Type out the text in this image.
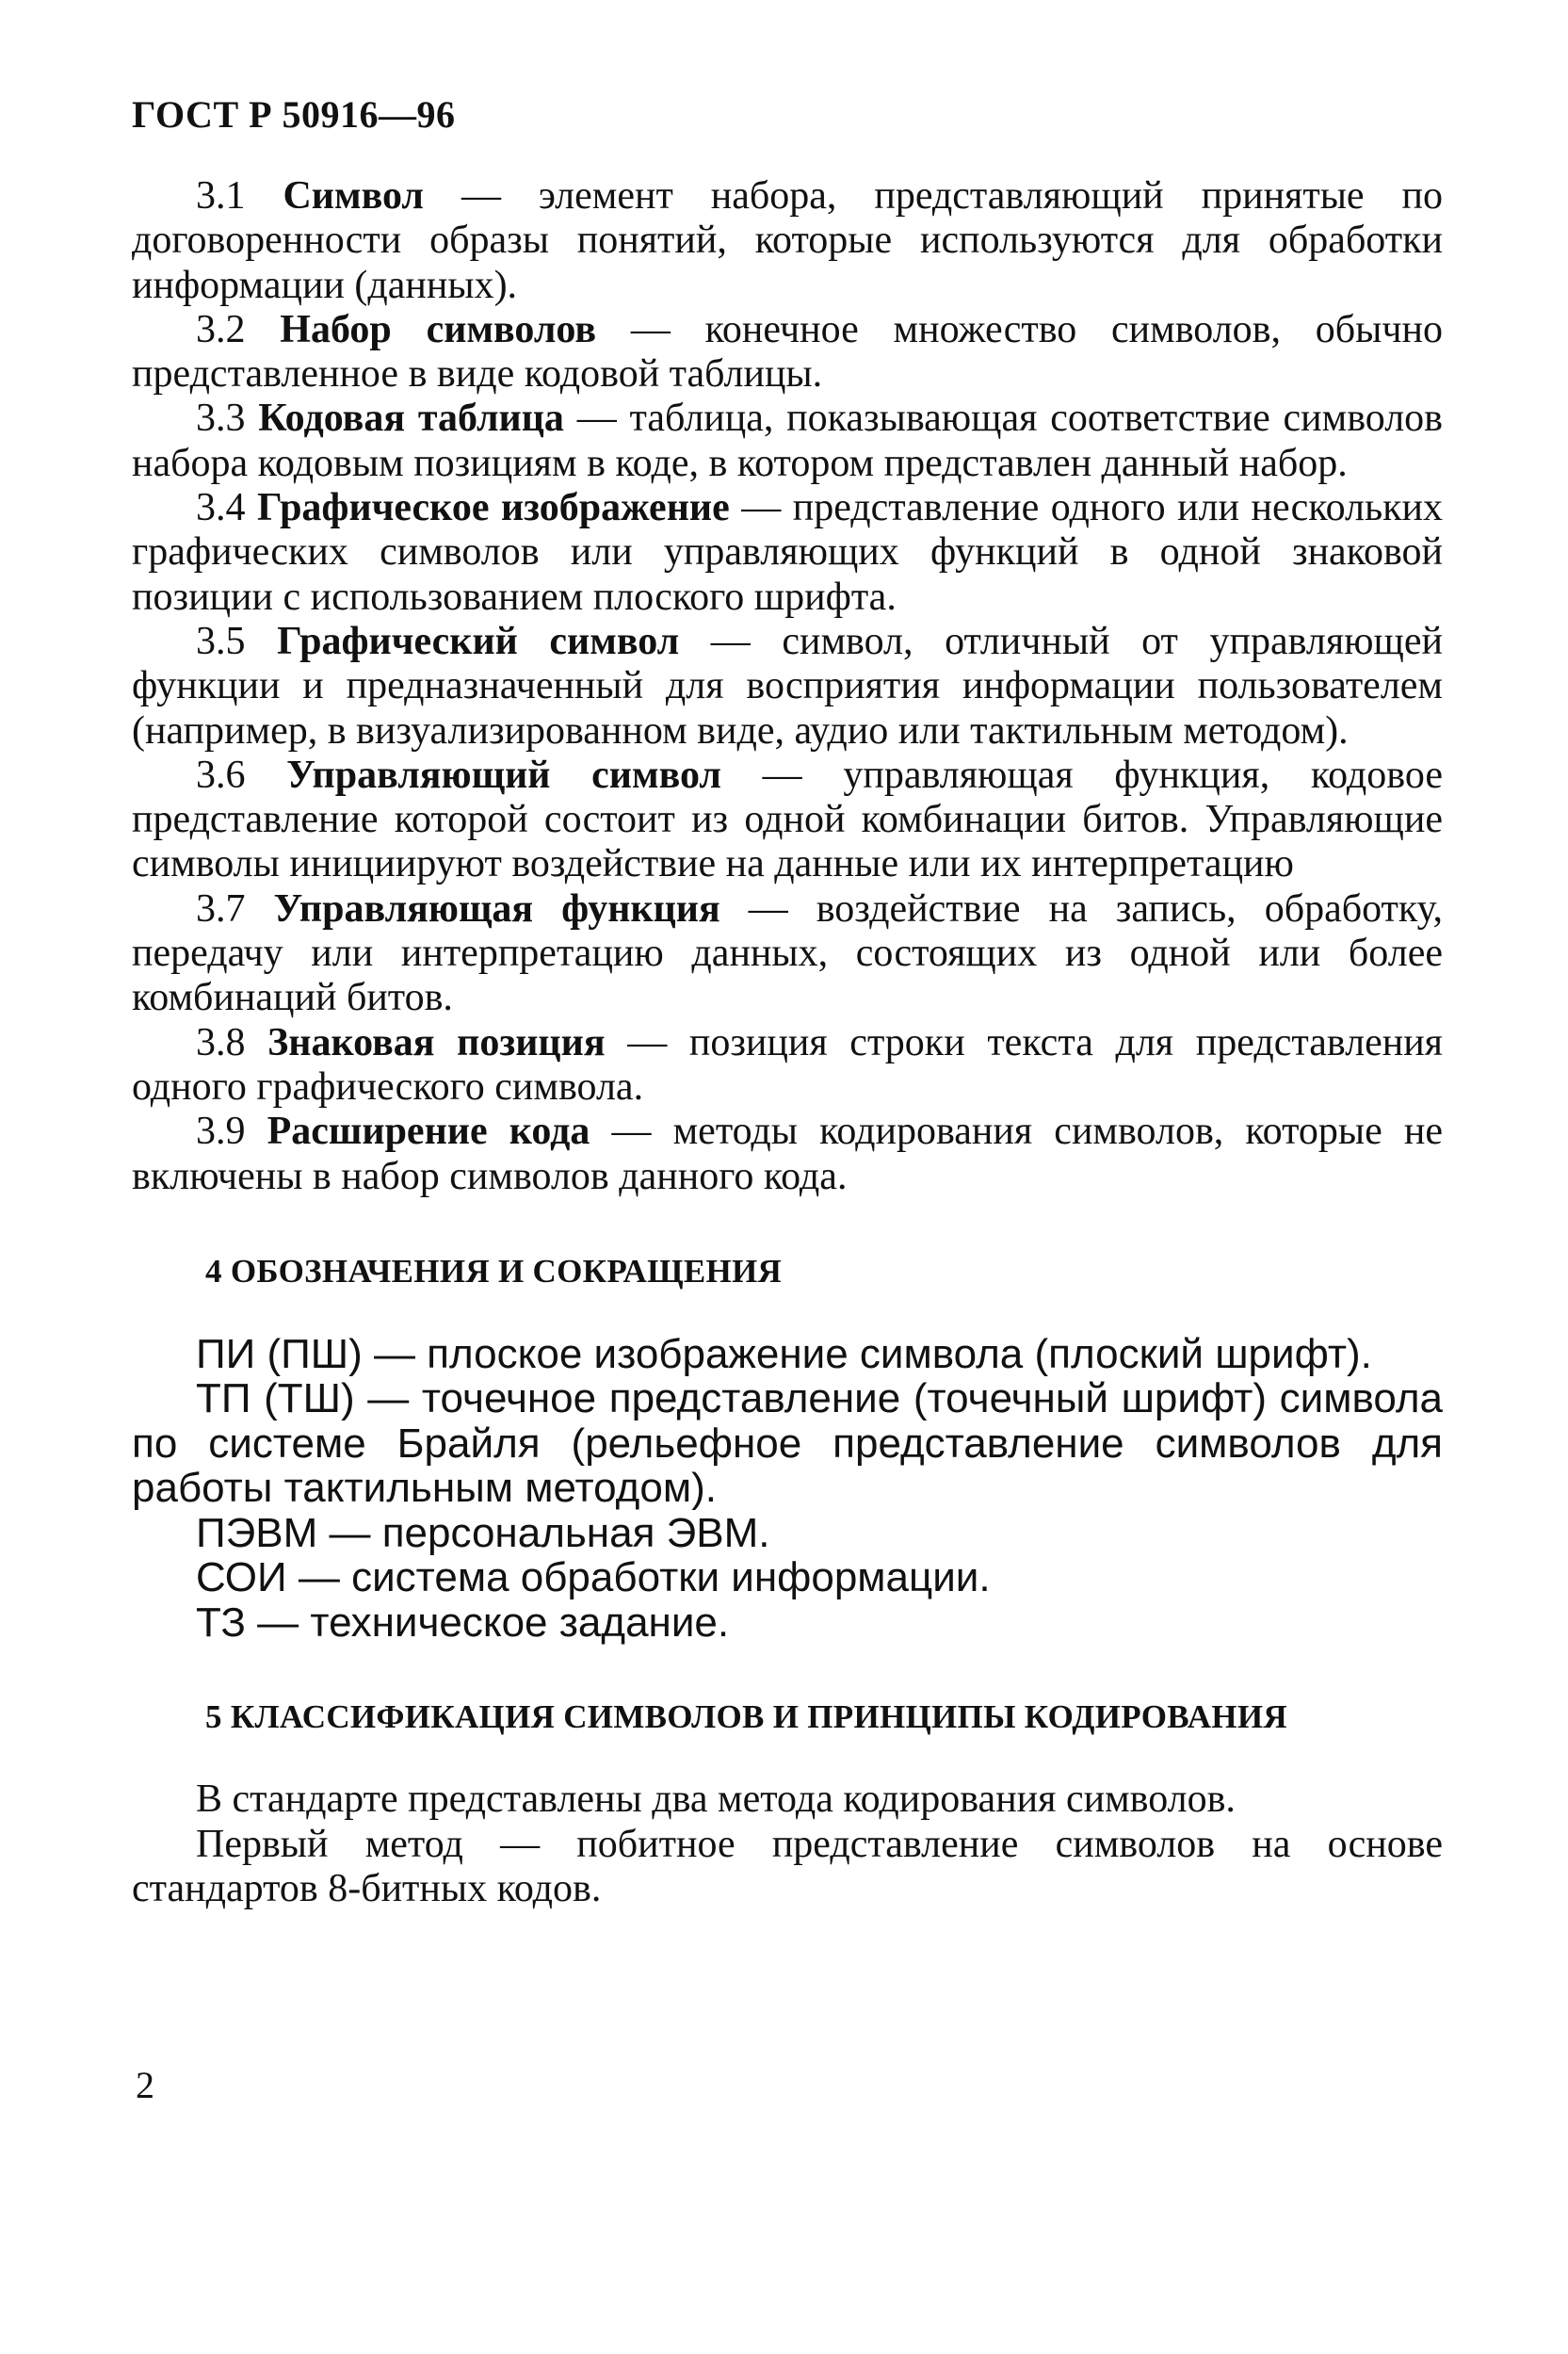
ГОСТ Р 50916—96

3.1 Символ — элемент набора, представляющий принятые по договоренности образы понятий, которые используются для обработки информации (данных).

3.2 Набор символов — конечное множество символов, обычно представленное в виде кодовой таблицы.

3.3 Кодовая таблица — таблица, показывающая соответствие символов набора кодовым позициям в коде, в котором представлен данный набор.

3.4 Графическое изображение — представление одного или нескольких графических символов или управляющих функций в одной знаковой позиции с использованием плоского шрифта.

3.5 Графический символ — символ, отличный от управляющей функции и предназначенный для восприятия информации пользователем (например, в визуализированном виде, аудио или тактильным методом).

3.6 Управляющий символ — управляющая функция, кодовое представление которой состоит из одной комбинации битов. Управляющие символы инициируют воздействие на данные или их интерпретацию

3.7 Управляющая функция — воздействие на запись, обработку, передачу или интерпретацию данных, состоящих из одной или более комбинаций битов.

3.8 Знаковая позиция — позиция строки текста для представления одного графического символа.

3.9 Расширение кода — методы кодирования символов, которые не включены в набор символов данного кода.

4 ОБОЗНАЧЕНИЯ И СОКРАЩЕНИЯ

ПИ (ПШ) — плоское изображение символа (плоский шрифт).

ТП (ТШ) — точечное представление (точечный шрифт) символа по системе Брайля (рельефное представление символов для работы тактильным методом).

ПЭВМ — персональная ЭВМ.

СОИ — система обработки информации.

ТЗ — техническое задание.

5 КЛАССИФИКАЦИЯ СИМВОЛОВ И ПРИНЦИПЫ КОДИРОВАНИЯ

В стандарте представлены два метода кодирования символов.

Первый метод — побитное представление символов на основе стандартов 8-битных кодов.

2
